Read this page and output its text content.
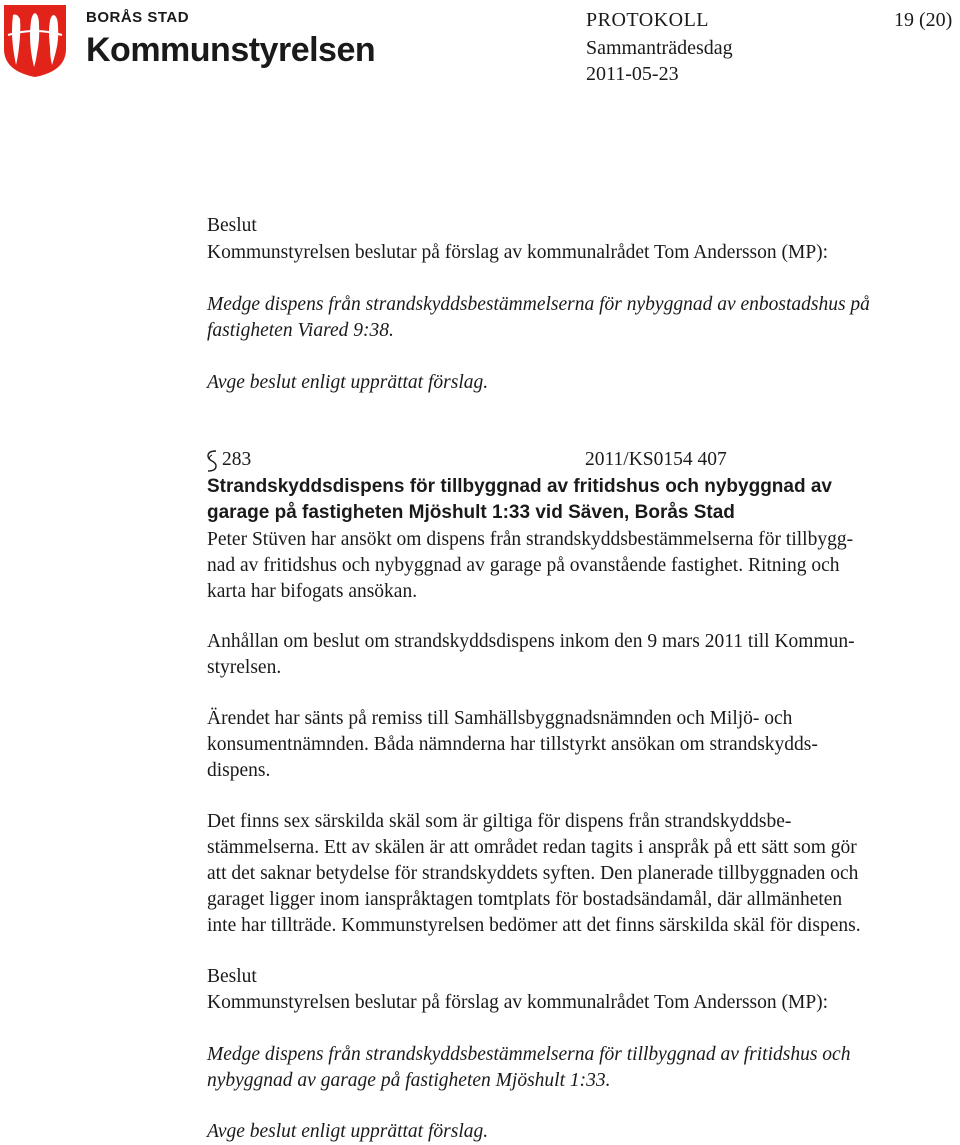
BORÅS STAD
Kommunstyrelsen
PROTOKOLL	19 (20)
Sammanträdesdag
2011-05-23
Beslut
Kommunstyrelsen beslutar på förslag av kommunalrådet Tom Andersson (MP):
Medge dispens från strandskyddsbestämmelserna för nybyggnad av enbostadshus på
fastigheten Viared 9:38.
Avge beslut enligt upprättat förslag.
283	2011/KS0154 407
Strandskyddsdispens för tillbyggnad av fritidshus och nybyggnad av
garage på fastigheten Mjöshult 1:33 vid Säven, Borås Stad
Peter Stüven har ansökt om dispens från strandskyddsbestämmelserna för tillbygg-
nad av fritidshus och nybyggnad av garage på ovanstående fastighet. Ritning och
karta har bifogats ansökan.
Anhållan om beslut om strandskyddsdispens inkom den 9 mars 2011 till Kommun-
styrelsen.
Ärendet har sänts på remiss till Samhällsbyggnadsnämnden och Miljö- och
konsumentnämnden. Båda nämnderna har tillstyrkt ansökan om strandskydds-
dispens.
Det finns sex särskilda skäl som är giltiga för dispens från strandskyddsbe-
stämmelserna. Ett av skälen är att området redan tagits i anspråk på ett sätt som gör
att det saknar betydelse för strandskyddets syften. Den planerade tillbyggnaden och
garaget ligger inom ianspråktagen tomtplats för bostadsändamål, där allmänheten
inte har tillträde. Kommunstyrelsen bedömer att det finns särskilda skäl för dispens.
Beslut
Kommunstyrelsen beslutar på förslag av kommunalrådet Tom Andersson (MP):
Medge dispens från strandskyddsbestämmelserna för tillbyggnad av fritidshus och
nybyggnad av garage på fastigheten Mjöshult 1:33.
Avge beslut enligt upprättat förslag.
